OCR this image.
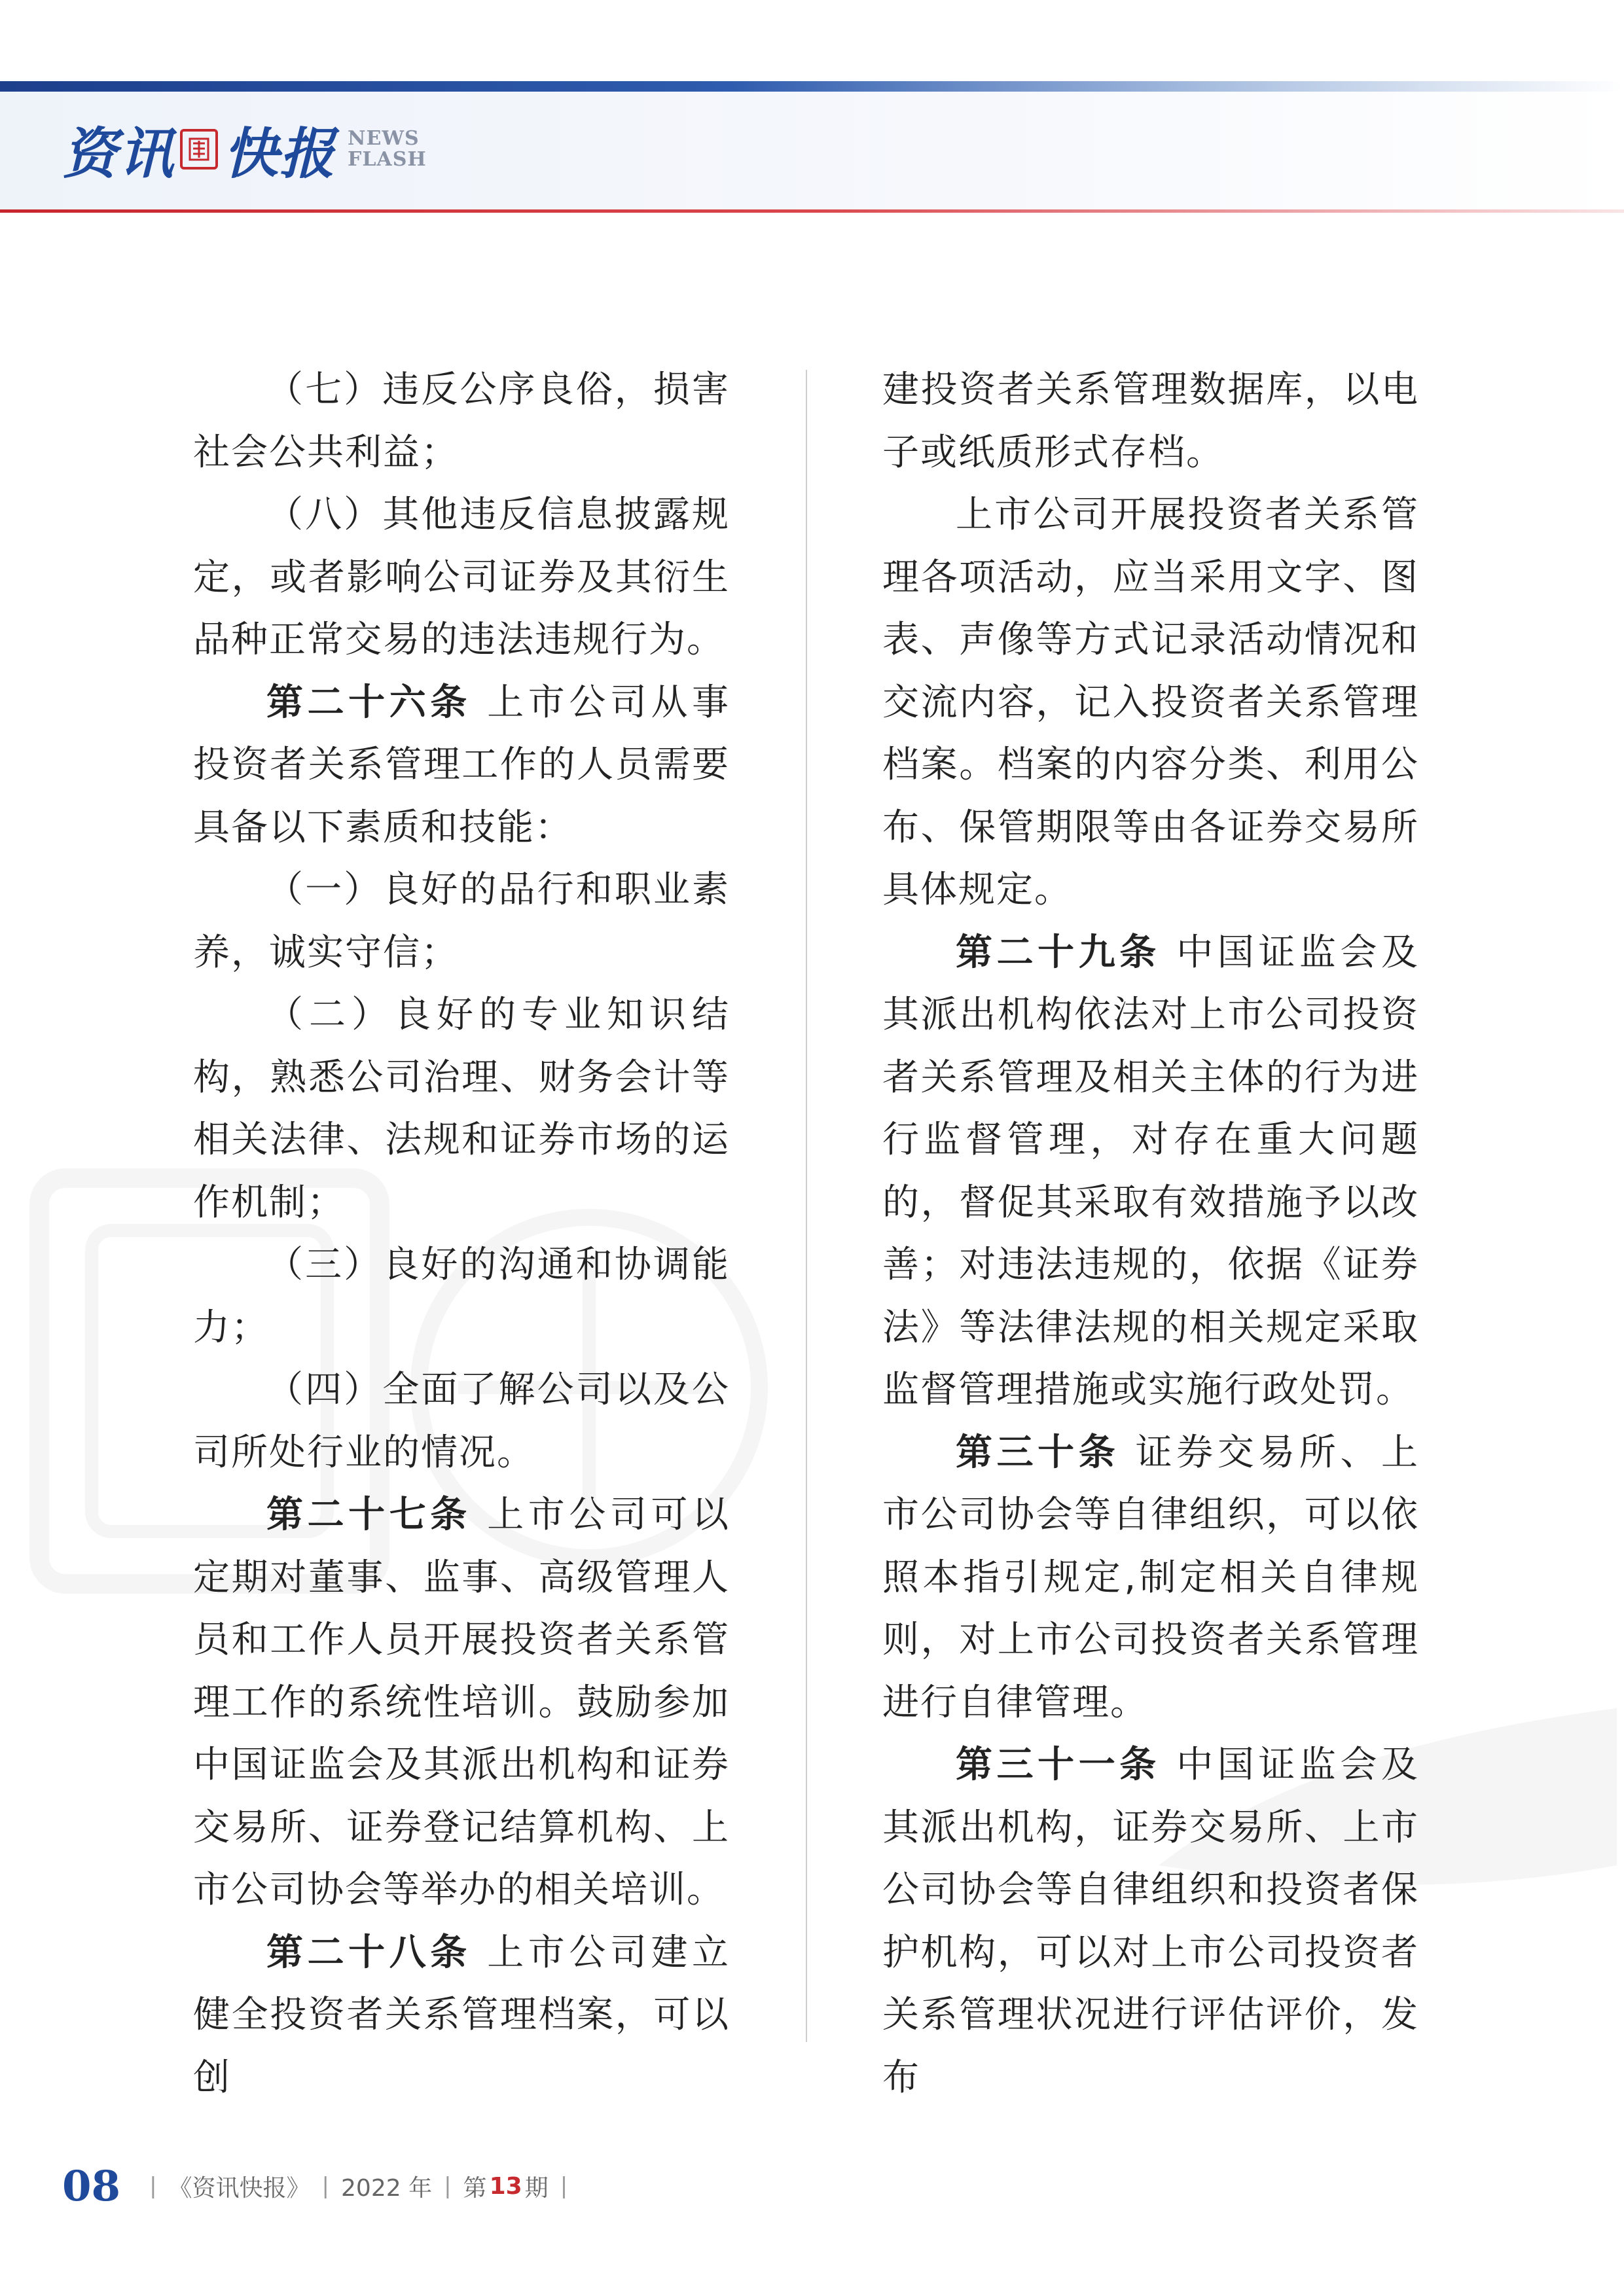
资讯 快报 NEWS
FLASH

（七）违反公序良俗，损害社会公共利益；

（八）其他违反信息披露规定，或者影响公司证券及其衍生品种正常交易的违法违规行为。

第二十六条 上市公司从事投资者关系管理工作的人员需要具备以下素质和技能：

（一）良好的品行和职业素养，诚实守信；

（二）良好的专业知识结构，熟悉公司治理、财务会计等相关法律、法规和证券市场的运作机制；

（三）良好的沟通和协调能力；

（四）全面了解公司以及公司所处行业的情况。

第二十七条 上市公司可以定期对董事、监事、高级管理人员和工作人员开展投资者关系管理工作的系统性培训。鼓励参加中国证监会及其派出机构和证券交易所、证券登记结算机构、上市公司协会等举办的相关培训。

第二十八条 上市公司建立健全投资者关系管理档案，可以创

建投资者关系管理数据库，以电子或纸质形式存档。

上市公司开展投资者关系管理各项活动，应当采用文字、图表、声像等方式记录活动情况和交流内容，记入投资者关系管理档案。档案的内容分类、利用公布、保管期限等由各证券交易所具体规定。

第二十九条 中国证监会及其派出机构依法对上市公司投资者关系管理及相关主体的行为进行监督管理，对存在重大问题的，督促其采取有效措施予以改善；对违法违规的，依据《证券法》等法律法规的相关规定采取监督管理措施或实施行政处罚。

第三十条 证券交易所、上市公司协会等自律组织，可以依照本指引规定,制定相关自律规则，对上市公司投资者关系管理进行自律管理。

第三十一条 中国证监会及其派出机构，证券交易所、上市公司协会等自律组织和投资者保护机构，可以对上市公司投资者关系管理状况进行评估评价，发布

08 | 《资讯快报》 | 2022 年 | 第 13 期 |
